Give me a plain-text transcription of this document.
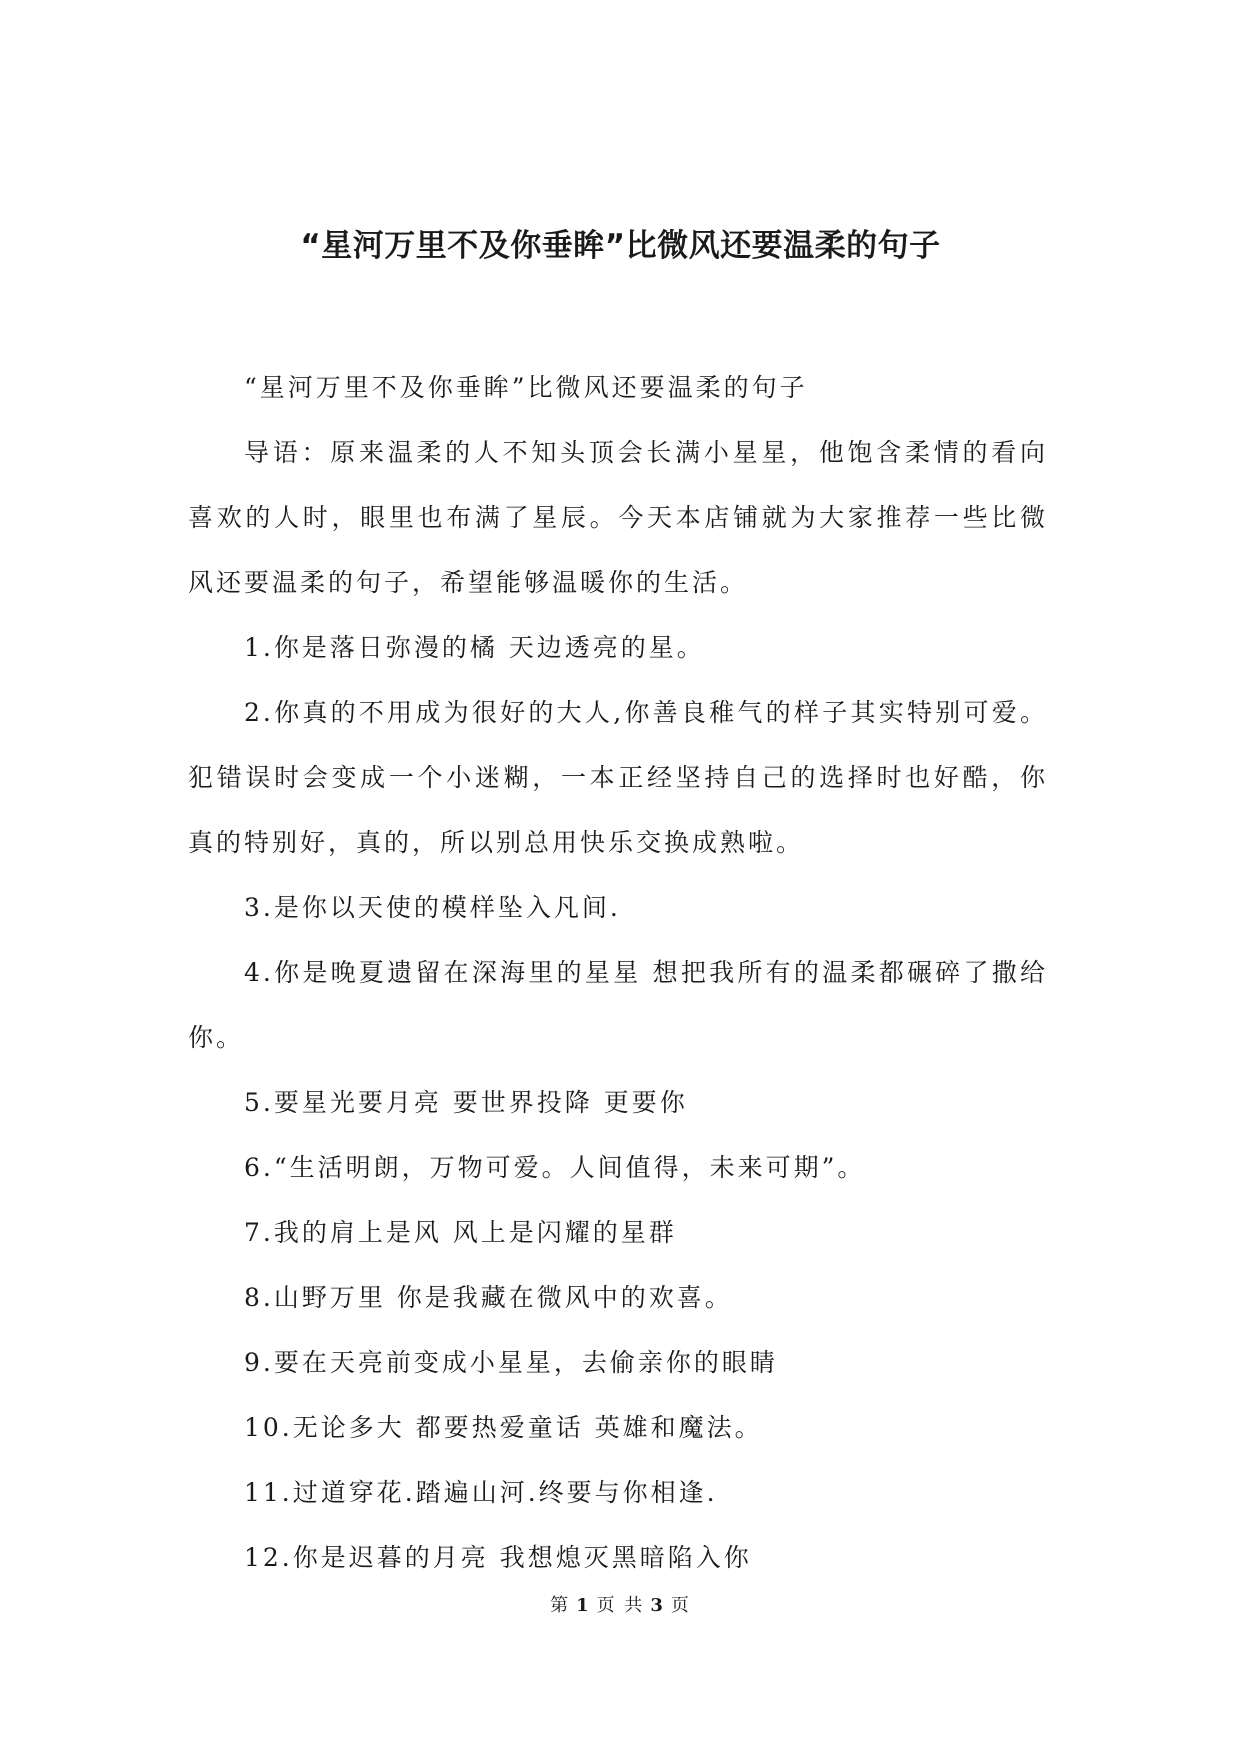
“星河万里不及你垂眸”比微风还要温柔的句子

“星河万里不及你垂眸”比微风还要温柔的句子

导语：原来温柔的人不知头顶会长满小星星，他饱含柔情的看向喜欢的人时，眼里也布满了星辰。今天本店铺就为大家推荐一些比微风还要温柔的句子，希望能够温暖你的生活。

1.你是落日弥漫的橘 天边透亮的星。

2.你真的不用成为很好的大人,你善良稚气的样子其实特别可爱。犯错误时会变成一个小迷糊，一本正经坚持自己的选择时也好酷，你真的特别好，真的，所以别总用快乐交换成熟啦。

3.是你以天使的模样坠入凡间.

4.你是晚夏遗留在深海里的星星 想把我所有的温柔都碾碎了撒给你。

5.要星光要月亮 要世界投降 更要你

6.“生活明朗，万物可爱。人间值得，未来可期”。

7.我的肩上是风 风上是闪耀的星群

8.山野万里 你是我藏在微风中的欢喜。

9.要在天亮前变成小星星，去偷亲你的眼睛

10.无论多大 都要热爱童话 英雄和魔法。

11.过道穿花.踏遍山河.终要与你相逢.

12.你是迟暮的月亮 我想熄灭黑暗陷入你

第 1 页 共 3 页
